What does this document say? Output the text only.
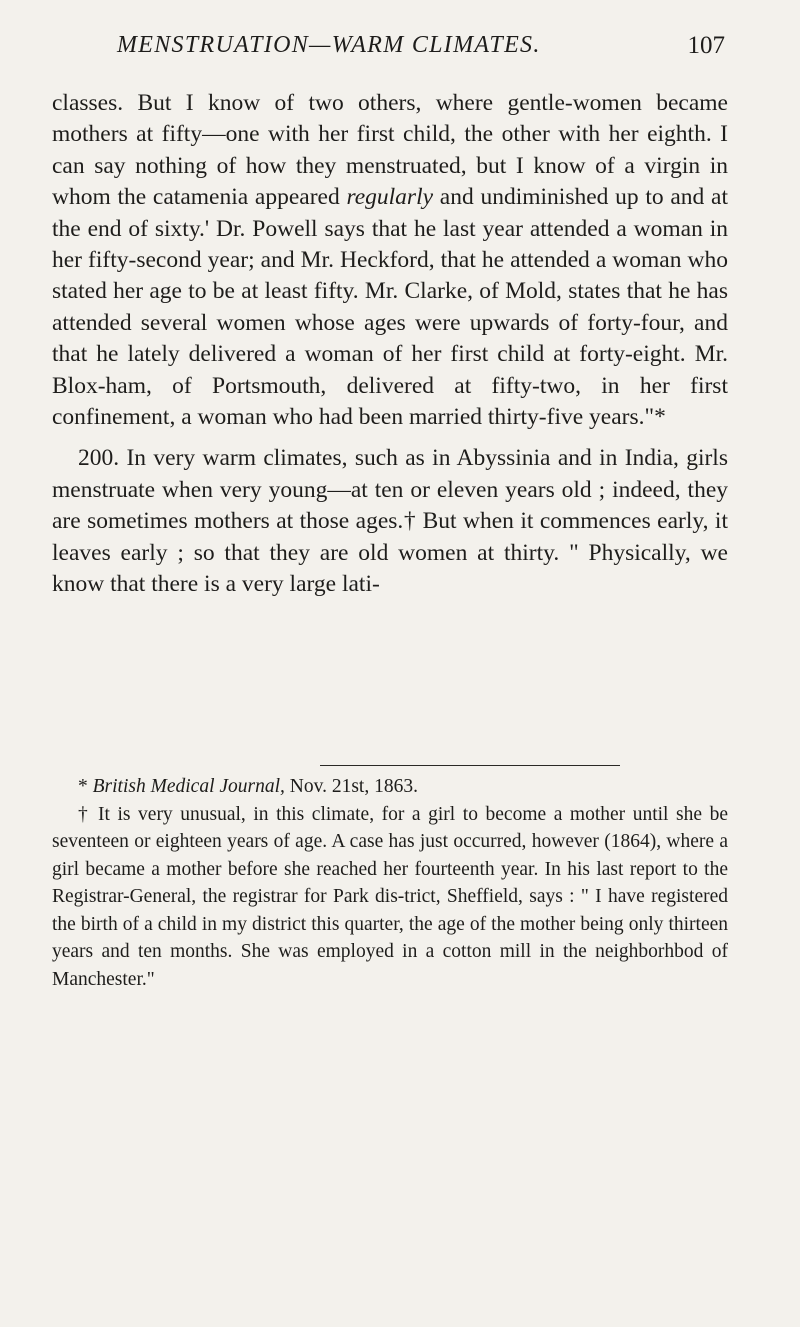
MENSTRUATION—WARM CLIMATES.	107

classes. But I know of two others, where gentle-women became mothers at fifty—one with her first child, the other with her eighth. I can say nothing of how they menstruated, but I know of a virgin in whom the catamenia appeared regularly and undiminished up to and at the end of sixty.' Dr. Powell says that he last year attended a woman in her fifty-second year; and Mr. Heckford, that he attended a woman who stated her age to be at least fifty. Mr. Clarke, of Mold, states that he has attended several women whose ages were upwards of forty-four, and that he lately delivered a woman of her first child at forty-eight. Mr. Blox-ham, of Portsmouth, delivered at fifty-two, in her first confinement, a woman who had been married thirty-five years."*

200. In very warm climates, such as in Abyssinia and in India, girls menstruate when very young—at ten or eleven years old ; indeed, they are sometimes mothers at those ages.† But when it commences early, it leaves early ; so that they are old women at thirty. " Physically, we know that there is a very large lati-

* British Medical Journal, Nov. 21st, 1863.

† It is very unusual, in this climate, for a girl to become a mother until she be seventeen or eighteen years of age. A case has just occurred, however (1864), where a girl became a mother before she reached her fourteenth year. In his last report to the Registrar-General, the registrar for Park dis-trict, Sheffield, says : " I have registered the birth of a child in my district this quarter, the age of the mother being only thirteen years and ten months. She was employed in a cotton mill in the neighborhbod of Manchester."
